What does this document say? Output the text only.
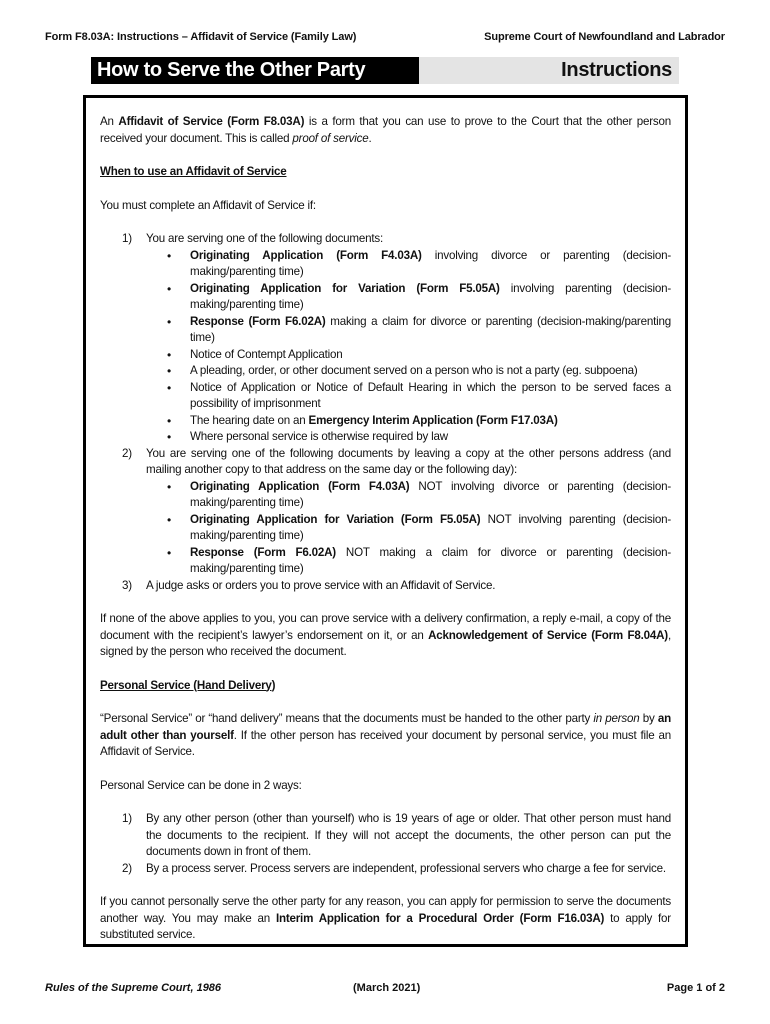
Form F8.03A: Instructions – Affidavit of Service (Family Law)	Supreme Court of Newfoundland and Labrador
How to Serve the Other Party	Instructions

An Affidavit of Service (Form F8.03A) is a form that you can use to prove to the Court that the other person received your document. This is called proof of service.

When to use an Affidavit of Service

You must complete an Affidavit of Service if:

1) You are serving one of the following documents:
• Originating Application (Form F4.03A) involving divorce or parenting (decision-making/parenting time)
• Originating Application for Variation (Form F5.05A) involving parenting (decision-making/parenting time)
• Response (Form F6.02A) making a claim for divorce or parenting (decision-making/parenting time)
• Notice of Contempt Application
• A pleading, order, or other document served on a person who is not a party (eg. subpoena)
• Notice of Application or Notice of Default Hearing in which the person to be served faces a possibility of imprisonment
• The hearing date on an Emergency Interim Application (Form F17.03A)
• Where personal service is otherwise required by law
2) You are serving one of the following documents by leaving a copy at the other persons address (and mailing another copy to that address on the same day or the following day):
• Originating Application (Form F4.03A) NOT involving divorce or parenting (decision-making/parenting time)
• Originating Application for Variation (Form F5.05A) NOT involving parenting (decision-making/parenting time)
• Response (Form F6.02A) NOT making a claim for divorce or parenting (decision-making/parenting time)
3) A judge asks or orders you to prove service with an Affidavit of Service.

If none of the above applies to you, you can prove service with a delivery confirmation, a reply e-mail, a copy of the document with the recipient’s lawyer’s endorsement on it, or an Acknowledgement of Service (Form F8.04A), signed by the person who received the document.

Personal Service (Hand Delivery)

“Personal Service” or “hand delivery” means that the documents must be handed to the other party in person by an adult other than yourself. If the other person has received your document by personal service, you must file an Affidavit of Service.

Personal Service can be done in 2 ways:

1) By any other person (other than yourself) who is 19 years of age or older. That other person must hand the documents to the recipient. If they will not accept the documents, the other person can put the documents down in front of them.
2) By a process server. Process servers are independent, professional servers who charge a fee for service.

If you cannot personally serve the other party for any reason, you can apply for permission to serve the documents another way. You may make an Interim Application for a Procedural Order (Form F16.03A) to apply for substituted service.

Rules of the Supreme Court, 1986	(March 2021)	Page 1 of 2
